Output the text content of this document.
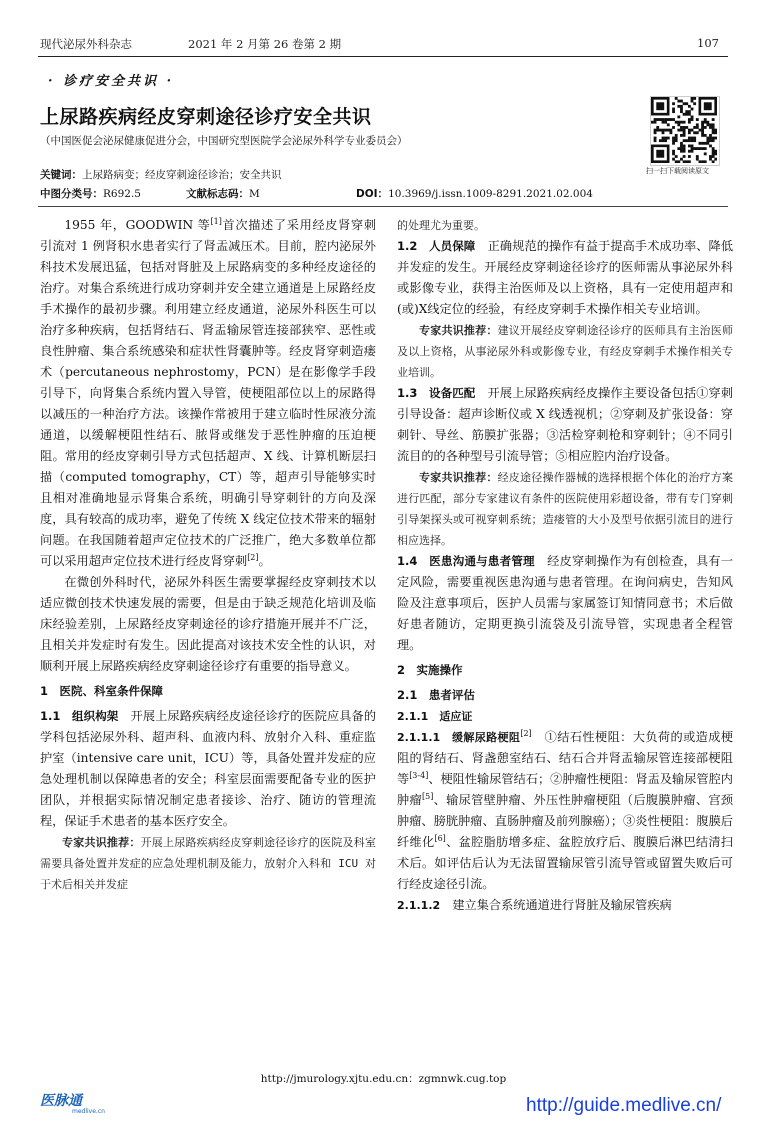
现代泌尿外科杂志	2021 年 2 月第 26 卷第 2 期	107
· 诊疗安全共识 ·
上尿路疾病经皮穿刺途径诊疗安全共识
（中国医促会泌尿健康促进分会，中国研究型医院学会泌尿外科学专业委员会）
扫一扫下载阅读原文
关键词：上尿路病变；经皮穿刺途径诊治；安全共识
中图分类号：R692.5	文献标志码：M	DOI：10.3969/j.issn.1009-8291.2021.02.004

1955 年，GOODWIN 等[1]首次描述了采用经皮肾穿刺引流对 1 例肾积水患者实行了肾盂减压术。目前，腔内泌尿外科技术发展迅猛，包括对肾脏及上尿路病变的多种经皮途径的治疗。对集合系统进行成功穿刺并安全建立通道是上尿路经皮手术操作的最初步骤。利用建立经皮通道，泌尿外科医生可以治疗多种疾病，包括肾结石、肾盂输尿管连接部狭窄、恶性或良性肿瘤、集合系统感染和症状性肾囊肿等。经皮肾穿刺造瘘术（percutaneous nephrostomy，PCN）是在影像学手段引导下，向肾集合系统内置入导管，使梗阻部位以上的尿路得以减压的一种治疗方法。该操作常被用于建立临时性尿液分流通道，以缓解梗阻性结石、脓肾或继发于恶性肿瘤的压迫梗阻。常用的经皮穿刺引导方式包括超声、X 线、计算机断层扫描（computed tomography，CT）等，超声引导能够实时且相对准确地显示肾集合系统，明确引导穿刺针的方向及深度，具有较高的成功率，避免了传统 X 线定位技术带来的辐射问题。在我国随着超声定位技术的广泛推广，绝大多数单位都可以采用超声定位技术进行经皮肾穿刺[2]。

在微创外科时代，泌尿外科医生需要掌握经皮穿刺技术以适应微创技术快速发展的需要，但是由于缺乏规范化培训及临床经验差别，上尿路经皮穿刺途径的诊疗措施开展并不广泛，且相关并发症时有发生。因此提高对该技术安全性的认识，对顺利开展上尿路疾病经皮穿刺途径诊疗有重要的指导意义。

1　医院、科室条件保障

1.1　组织构架　开展上尿路疾病经皮途径诊疗的医院应具备的学科包括泌尿外科、超声科、血液内科、放射介入科、重症监护室（intensive care unit，ICU）等，具备处置并发症的应急处理机制以保障患者的安全；科室层面需要配备专业的医护团队，并根据实际情况制定患者接诊、治疗、随访的管理流程，保证手术患者的基本医疗安全。

专家共识推荐：开展上尿路疾病经皮穿刺途径诊疗的医院及科室需要具备处置并发症的应急处理机制及能力，放射介入科和 ICU 对于术后相关并发症

的处理尤为重要。

1.2　人员保障　正确规范的操作有益于提高手术成功率、降低并发症的发生。开展经皮穿刺途径诊疗的医师需从事泌尿外科或影像专业，获得主治医师及以上资格，具有一定使用超声和(或)X线定位的经验，有经皮穿刺手术操作相关专业培训。

专家共识推荐：建议开展经皮穿刺途径诊疗的医师具有主治医师及以上资格，从事泌尿外科或影像专业，有经皮穿刺手术操作相关专业培训。

1.3　设备匹配　开展上尿路疾病经皮操作主要设备包括①穿刺引导设备：超声诊断仪或 X 线透视机；②穿刺及扩张设备：穿刺针、导丝、筋膜扩张器；③活检穿刺枪和穿刺针；④不同引流目的的各种型号引流导管；⑤相应腔内治疗设备。

专家共识推荐：经皮途径操作器械的选择根据个体化的治疗方案进行匹配，部分专家建议有条件的医院使用彩超设备，带有专门穿刺引导架探头或可视穿刺系统；造瘘管的大小及型号依据引流目的进行相应选择。

1.4　医患沟通与患者管理　经皮穿刺操作为有创检查，具有一定风险，需要重视医患沟通与患者管理。在询问病史，告知风险及注意事项后，医护人员需与家属签订知情同意书；术后做好患者随访，定期更换引流袋及引流导管，实现患者全程管理。

2　实施操作

2.1　患者评估

2.1.1　适应证

2.1.1.1　缓解尿路梗阻[2]　①结石性梗阻：大负荷的或造成梗阻的肾结石、肾盏憩室结石、结石合并肾盂输尿管连接部梗阻等[3-4]、梗阻性输尿管结石；②肿瘤性梗阻：肾盂及输尿管腔内肿瘤[5]、输尿管壁肿瘤、外压性肿瘤梗阻（后腹膜肿瘤、宫颈肿瘤、膀胱肿瘤、直肠肿瘤及前列腺癌）；③炎性梗阻：腹膜后纤维化[6]、盆腔脂肪增多症、盆腔放疗后、腹膜后淋巴结清扫术后。如评估后认为无法留置输尿管引流导管或留置失败后可行经皮途径引流。

2.1.1.2　建立集合系统通道进行肾脏及输尿管疾病

http://jmurology.xjtu.edu.cn：zgmnwk.cug.top
医脉通
medlive.cn	http://guide.medlive.cn/
